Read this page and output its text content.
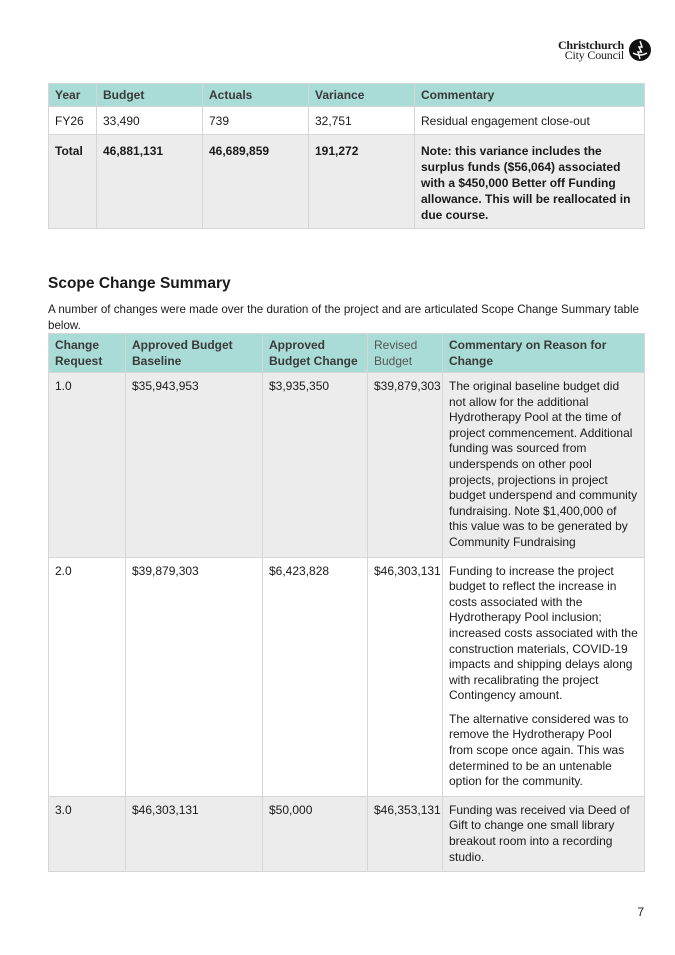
Christchurch
City Council
Year	Budget	Actuals	Variance	Commentary
FY26	33,490	739	32,751	Residual engagement close-out
Total	46,881,131	46,689,859	191,272	Note: this variance includes the surplus funds ($56,064) associated with a $450,000 Better off Funding allowance. This will be reallocated in due course.
Scope Change Summary
A number of changes were made over the duration of the project and are articulated Scope Change Summary table below.
Change Request	Approved Budget Baseline	Approved Budget Change	Revised Budget	Commentary on Reason for Change
1.0	$35,943,953	$3,935,350	$39,879,303	The original baseline budget did not allow for the additional Hydrotherapy Pool at the time of project commencement. Additional funding was sourced from underspends on other pool projects, projections in project budget underspend and community fundraising. Note $1,400,000 of this value was to be generated by Community Fundraising

2.0	$39,879,303	$6,423,828	$46,303,131	Funding to increase the project budget to reflect the increase in costs associated with the Hydrotherapy Pool inclusion; increased costs associated with the construction materials, COVID-19 impacts and shipping delays along with recalibrating the project Contingency amount.
The alternative considered was to remove the Hydrotherapy Pool from scope once again. This was determined to be an untenable option for the community.

3.0	$46,303,131	$50,000	$46,353,131	Funding was received via Deed of Gift to change one small library breakout room into a recording studio.
7
